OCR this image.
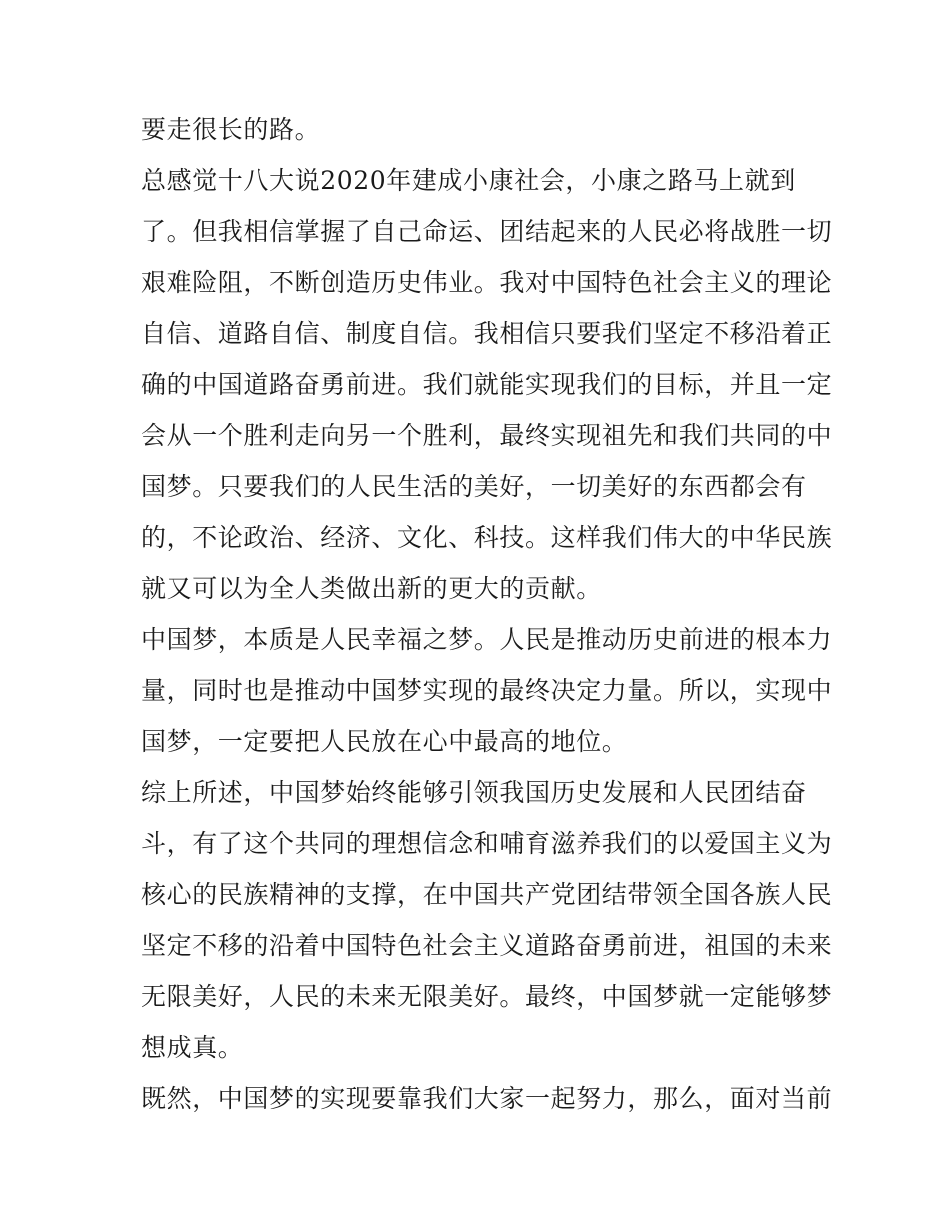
要走很长的路。
总感觉十八大说2020年建成小康社会，小康之路马上就到
了。但我相信掌握了自己命运、团结起来的人民必将战胜一切
艰难险阻，不断创造历史伟业。我对中国特色社会主义的理论
自信、道路自信、制度自信。我相信只要我们坚定不移沿着正
确的中国道路奋勇前进。我们就能实现我们的目标，并且一定
会从一个胜利走向另一个胜利，最终实现祖先和我们共同的中
国梦。只要我们的人民生活的美好，一切美好的东西都会有
的，不论政治、经济、文化、科技。这样我们伟大的中华民族
就又可以为全人类做出新的更大的贡献。
中国梦，本质是人民幸福之梦。人民是推动历史前进的根本力
量，同时也是推动中国梦实现的最终决定力量。所以，实现中
国梦，一定要把人民放在心中最高的地位。
综上所述，中国梦始终能够引领我国历史发展和人民团结奋
斗，有了这个共同的理想信念和哺育滋养我们的以爱国主义为
核心的民族精神的支撑，在中国共产党团结带领全国各族人民
坚定不移的沿着中国特色社会主义道路奋勇前进，祖国的未来
无限美好，人民的未来无限美好。最终，中国梦就一定能够梦
想成真。
既然，中国梦的实现要靠我们大家一起努力，那么，面对当前
